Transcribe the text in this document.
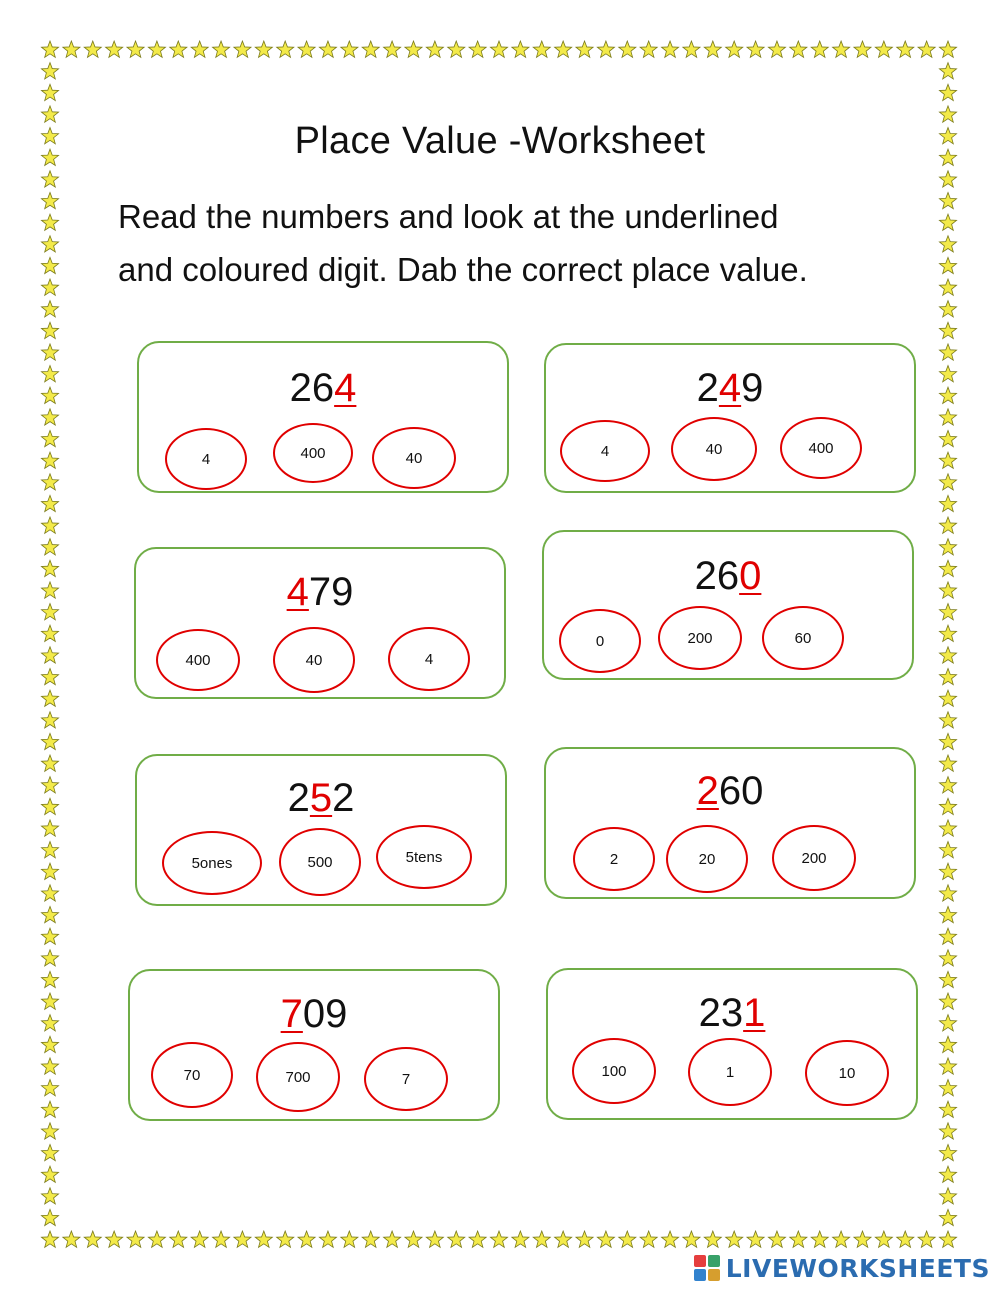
Place Value -Worksheet
Read the numbers and look at the underlined
and coloured digit. Dab the correct place value.
264
4	400	40
249
4	40	400
479
400	40	4
260
0	200	60
252
5ones	500	5tens
260
2	20	200
709
70	700	7
231
100	1	10
LIVEWORKSHEETS
